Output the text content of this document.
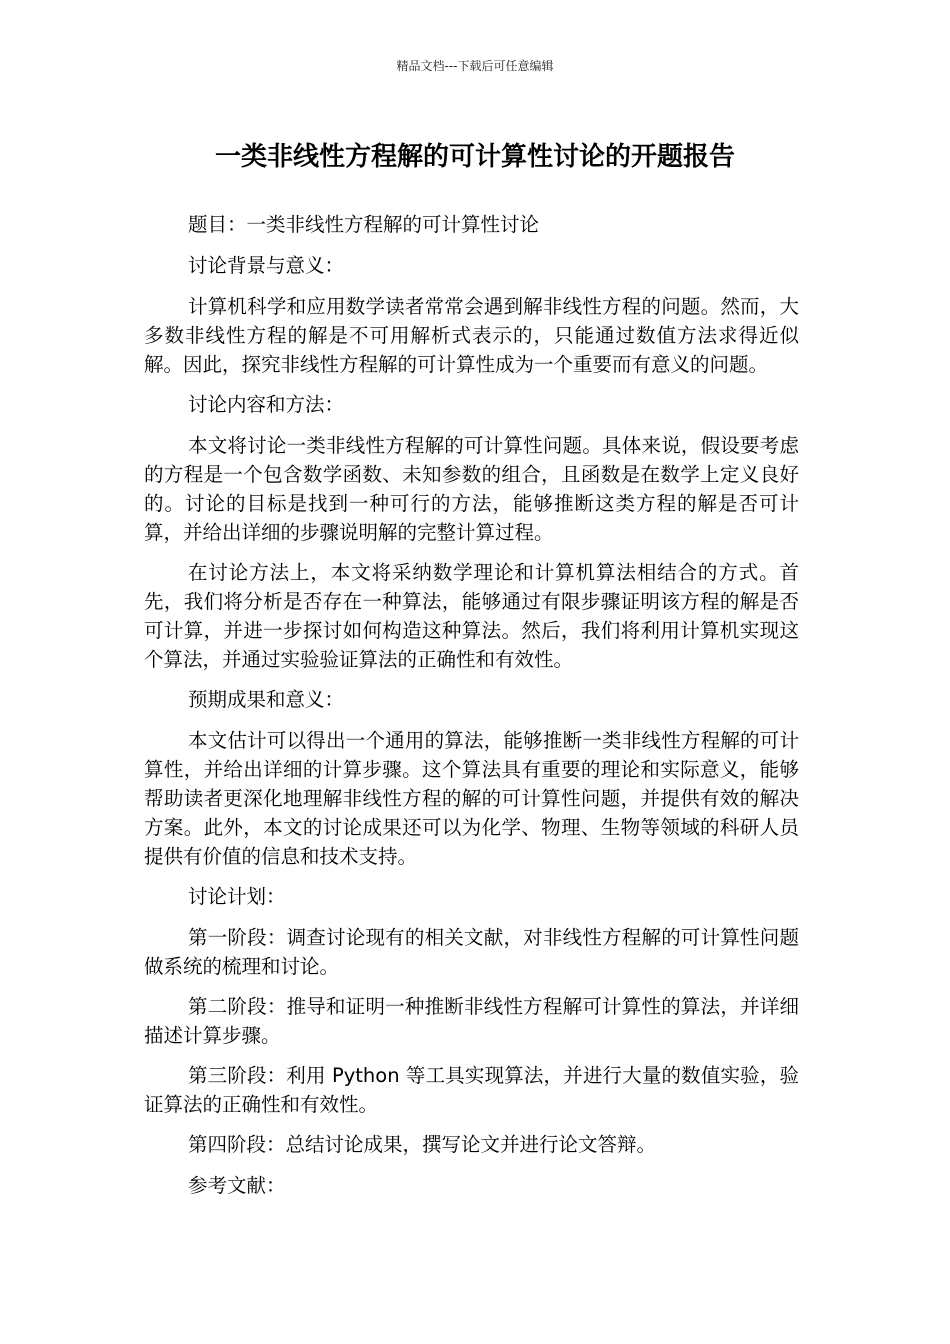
精品文档---下载后可任意编辑
一类非线性方程解的可计算性讨论的开题报告

题目：一类非线性方程解的可计算性讨论

讨论背景与意义：

计算机科学和应用数学读者常常会遇到解非线性方程的问题。然而，大多数非线性方程的解是不可用解析式表示的，只能通过数值方法求得近似解。因此，探究非线性方程解的可计算性成为一个重要而有意义的问题。

讨论内容和方法：

本文将讨论一类非线性方程解的可计算性问题。具体来说，假设要考虑的方程是一个包含数学函数、未知参数的组合，且函数是在数学上定义良好的。讨论的目标是找到一种可行的方法，能够推断这类方程的解是否可计算，并给出详细的步骤说明解的完整计算过程。

在讨论方法上，本文将采纳数学理论和计算机算法相结合的方式。首先，我们将分析是否存在一种算法，能够通过有限步骤证明该方程的解是否可计算，并进一步探讨如何构造这种算法。然后，我们将利用计算机实现这个算法，并通过实验验证算法的正确性和有效性。

预期成果和意义：

本文估计可以得出一个通用的算法，能够推断一类非线性方程解的可计算性，并给出详细的计算步骤。这个算法具有重要的理论和实际意义，能够帮助读者更深化地理解非线性方程的解的可计算性问题，并提供有效的解决方案。此外，本文的讨论成果还可以为化学、物理、生物等领域的科研人员提供有价值的信息和技术支持。

讨论计划：

第一阶段：调查讨论现有的相关文献，对非线性方程解的可计算性问题做系统的梳理和讨论。

第二阶段：推导和证明一种推断非线性方程解可计算性的算法，并详细描述计算步骤。

第三阶段：利用 Python 等工具实现算法，并进行大量的数值实验，验证算法的正确性和有效性。

第四阶段：总结讨论成果，撰写论文并进行论文答辩。

参考文献：
